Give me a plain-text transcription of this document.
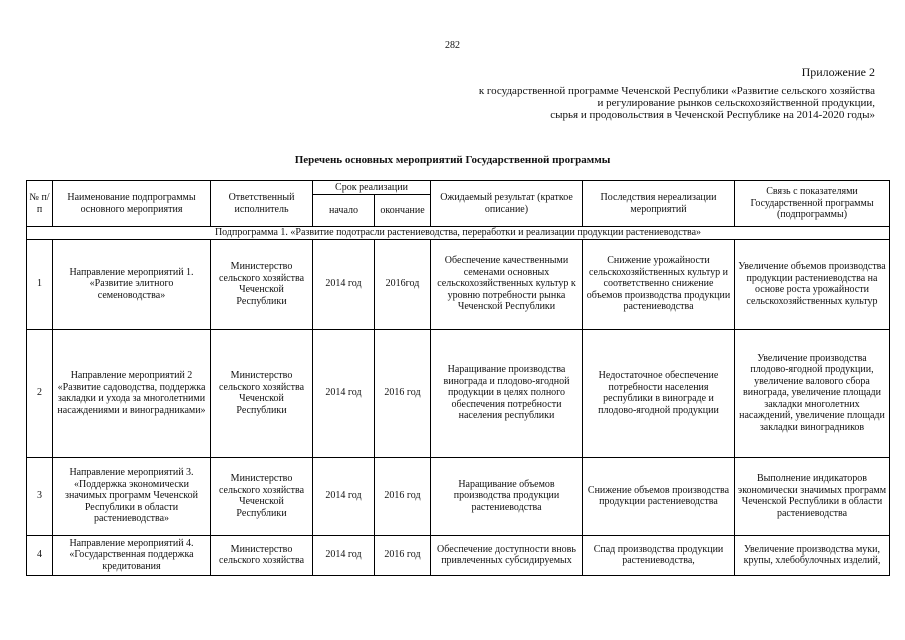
282
Приложение 2
к государственной программе Чеченской Республики «Развитие сельского хозяйства
и регулирование рынков сельскохозяйственной продукции,
сырья и продовольствия в Чеченской Республике на 2014-2020 годы»
Перечень основных мероприятий Государственной программы
№ п/п	Наименование подпрограммы основного мероприятия	Ответственный исполнитель	Срок реализации		Ожидаемый результат (краткое описание)	Последствия нереализации мероприятий	Связь с показателями Государственной программы (подпрограммы)
			начало	окончание			
Подпрограмма 1. «Развитие подотрасли растениеводства, переработки и реализации продукции растениеводства»							
1	Направление мероприятий 1. «Развитие элитного семеноводства»	Министерство сельского хозяйства Чеченской Республики	2014 год	2016год	Обеспечение качественными семенами основных сельскохозяйственных культур к уровню потребности рынка Чеченской Республики	Снижение урожайности сельскохозяйственных культур и соответственно снижение объемов производства продукции растениеводства	Увеличение объемов производства продукции растениеводства на основе роста урожайности сельскохозяйственных культур
2	Направление мероприятий 2 «Развитие садоводства, поддержка закладки и ухода за многолетними насаждениями и виноградниками»	Министерство сельского хозяйства Чеченской Республики	2014 год	2016 год	Наращивание производства винограда и плодово-ягодной продукции в целях полного обеспечения потребности населения республики	Недостаточное обеспечение потребности населения республики в винограде и плодово-ягодной продукции	Увеличение производства плодово-ягодной продукции, увеличение валового сбора винограда, увеличение площади закладки многолетних насаждений, увеличение площади закладки виноградников
3	Направление мероприятий 3. «Поддержка экономически значимых программ Чеченской Республики в области растениеводства»	Министерство сельского хозяйства Чеченской Республики	2014 год	2016 год	Наращивание объемов производства продукции растениеводства	Снижение объемов производства продукции растениеводства	Выполнение индикаторов экономически значимых программ Чеченской Республики в области растениеводства
4	Направление мероприятий 4. «Государственная поддержка кредитования	Министерство сельского хозяйства	2014 год	2016 год	Обеспечение доступности вновь привлеченных субсидируемых	Спад производства продукции растениеводства,	Увеличение производства муки, крупы, хлебобулочных изделий,
